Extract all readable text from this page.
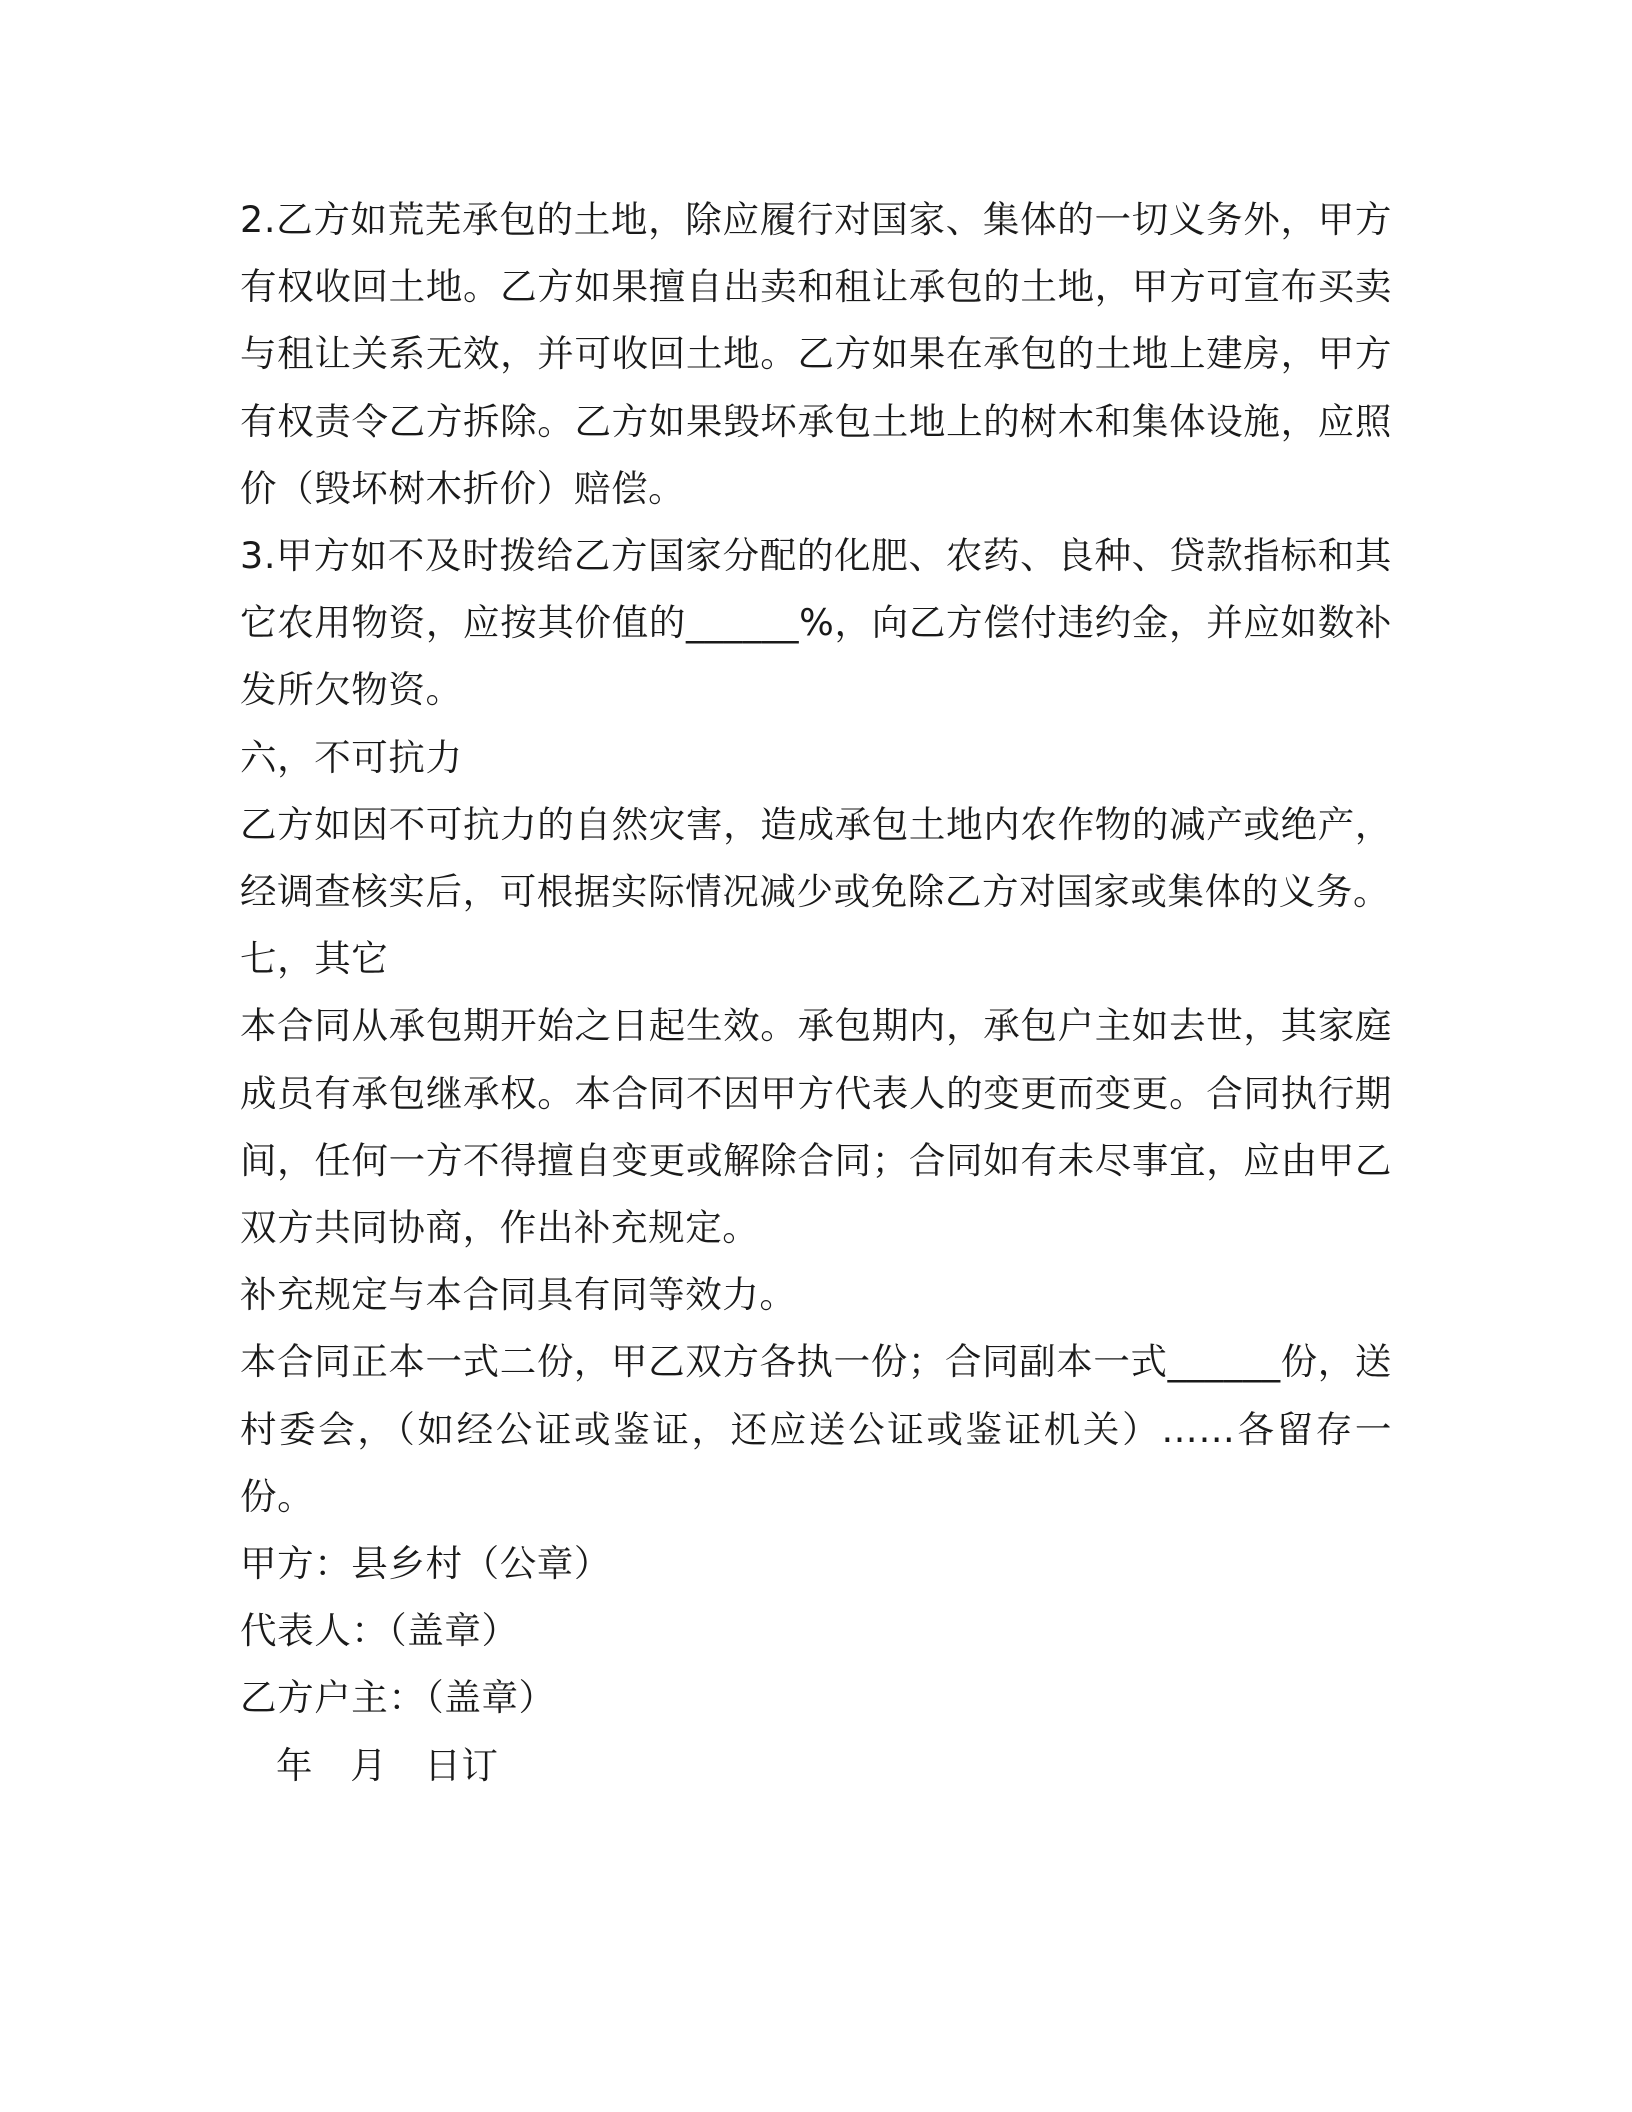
2.乙方如荒芜承包的土地，除应履行对国家、集体的一切义务外，甲方有权收回土地。乙方如果擅自出卖和租让承包的土地，甲方可宣布买卖与租让关系无效，并可收回土地。乙方如果在承包的土地上建房，甲方有权责令乙方拆除。乙方如果毁坏承包土地上的树木和集体设施，应照价（毁坏树木折价）赔偿。

3.甲方如不及时拨给乙方国家分配的化肥、农药、良种、贷款指标和其它农用物资，应按其价值的______%，向乙方偿付违约金，并应如数补发所欠物资。

六，不可抗力

乙方如因不可抗力的自然灾害，造成承包土地内农作物的减产或绝产，经调查核实后，可根据实际情况减少或免除乙方对国家或集体的义务。

七，其它

本合同从承包期开始之日起生效。承包期内，承包户主如去世，其家庭成员有承包继承权。本合同不因甲方代表人的变更而变更。合同执行期间，任何一方不得擅自变更或解除合同；合同如有未尽事宜，应由甲乙双方共同协商，作出补充规定。

补充规定与本合同具有同等效力。

本合同正本一式二份，甲乙双方各执一份；合同副本一式______份，送村委会，（如经公证或鉴证，还应送公证或鉴证机关）……各留存一份。

甲方：县乡村（公章）

代表人：（盖章）

乙方户主：（盖章）

年　月　日订
